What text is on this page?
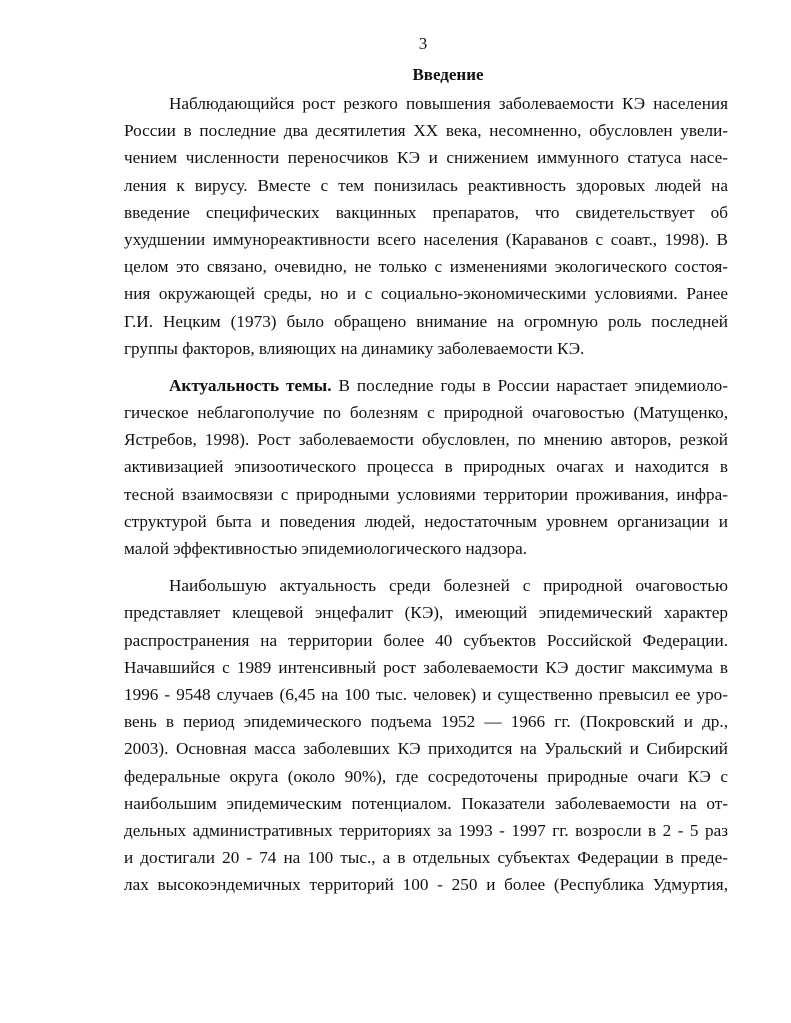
3
Введение
Наблюдающийся рост резкого повышения заболеваемости КЭ населения
России в последние два десятилетия XX века, несомненно, обусловлен увели-
чением численности переносчиков КЭ и снижением иммунного статуса насе-
ления к вирусу. Вместе с тем понизилась реактивность здоровых людей на
введение специфических вакцинных препаратов, что свидетельствует об
ухудшении иммунореактивности всего населения (Караванов с соавт., 1998). В
целом это связано, очевидно, не только с изменениями экологического состоя-
ния окружающей среды, но и с социально-экономическими условиями. Ранее
Г.И. Нецким (1973) было обращено внимание на огромную роль последней
группы факторов, влияющих на динамику заболеваемости КЭ.
Актуальность темы. В последние годы в России нарастает эпидемиоло-
гическое неблагополучие по болезням с природной очаговостью (Матущенко,
Ястребов, 1998). Рост заболеваемости обусловлен, по мнению авторов, резкой
активизацией эпизоотического процесса в природных очагах и находится в
тесной взаимосвязи с природными условиями территории проживания, инфра-
структурой быта и поведения людей, недостаточным уровнем организации и
малой эффективностью эпидемиологического надзора.
Наибольшую актуальность среди болезней с природной очаговостью
представляет клещевой энцефалит (КЭ), имеющий эпидемический характер
распространения на территории более 40 субъектов Российской Федерации.
Начавшийся с 1989 интенсивный рост заболеваемости КЭ достиг максимума в
1996 - 9548 случаев (6,45 на 100 тыс. человек) и существенно превысил ее уро-
вень в период эпидемического подъема 1952 — 1966 гг. (Покровский и др.,
2003). Основная масса заболевших КЭ приходится на Уральский и Сибирский
федеральные округа (около 90%), где сосредоточены природные очаги КЭ с
наибольшим эпидемическим потенциалом. Показатели заболеваемости на от-
дельных административных территориях за 1993 - 1997 гг. возросли в 2 - 5 раз
и достигали 20 - 74 на 100 тыс., а в отдельных субъектах Федерации в преде-
лах высокоэндемичных территорий 100 - 250 и более (Республика Удмуртия,
